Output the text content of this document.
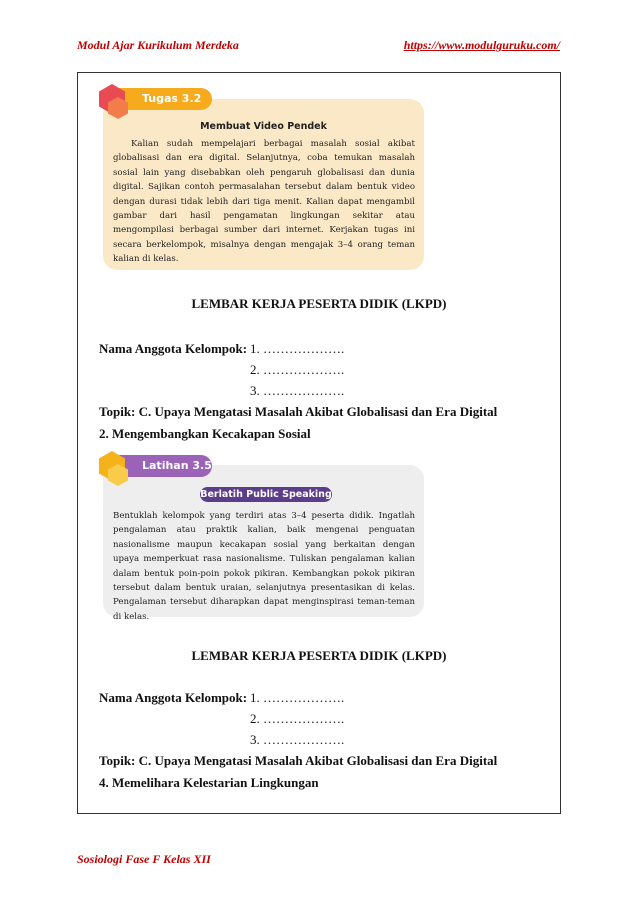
Modul Ajar Kurikulum Merdeka	https://www.modulguruku.com/
Tugas 3.2
Membuat Video Pendek

Kalian sudah mempelajari berbagai masalah sosial akibat globalisasi dan era digital. Selanjutnya, coba temukan masalah sosial lain yang disebabkan oleh pengaruh globalisasi dan dunia digital. Sajikan contoh permasalahan tersebut dalam bentuk video dengan durasi tidak lebih dari tiga menit. Kalian dapat mengambil gambar dari hasil pengamatan lingkungan sekitar atau mengompilasi berbagai sumber dari internet. Kerjakan tugas ini secara berkelompok, misalnya dengan mengajak 3–4 orang teman kalian di kelas.

LEMBAR KERJA PESERTA DIDIK (LKPD)
Nama Anggota Kelompok: 1. ……………….
2. ……………….
3. ……………….
Topik: C. Upaya Mengatasi Masalah Akibat Globalisasi dan Era Digital
2. Mengembangkan Kecakapan Sosial
Latihan 3.5
Berlatih Public Speaking

Bentuklah kelompok yang terdiri atas 3–4 peserta didik. Ingatlah pengalaman atau praktik kalian, baik mengenai penguatan nasionalisme maupun kecakapan sosial yang berkaitan dengan upaya memperkuat rasa nasionalisme. Tuliskan pengalaman kalian dalam bentuk poin-poin pokok pikiran. Kembangkan pokok pikiran tersebut dalam bentuk uraian, selanjutnya presentasikan di kelas. Pengalaman tersebut diharapkan dapat menginspirasi teman-teman di kelas.

LEMBAR KERJA PESERTA DIDIK (LKPD)
Nama Anggota Kelompok: 1. ……………….
2. ……………….
3. ……………….
Topik: C. Upaya Mengatasi Masalah Akibat Globalisasi dan Era Digital
4. Memelihara Kelestarian Lingkungan
Sosiologi Fase F Kelas XII
